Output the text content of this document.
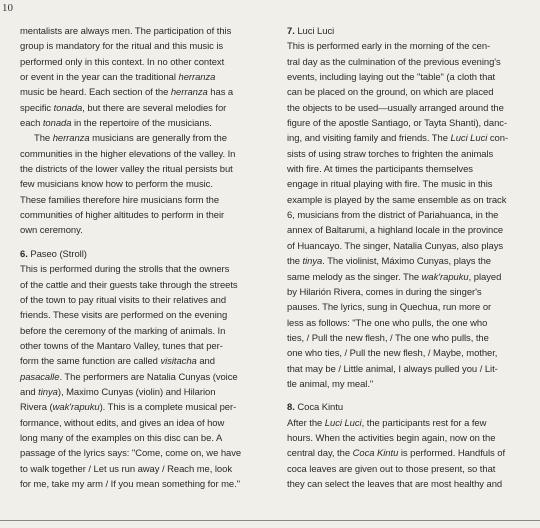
10
mentalists are always men. The participation of this
group is mandatory for the ritual and this music is
performed only in this context. In no other context
or event in the year can the traditional herranza
music be heard. Each section of the herranza has a
specific tonada, but there are several melodies for
each tonada in the repertoire of the musicians.
The herranza musicians are generally from the
communities in the higher elevations of the valley. In
the districts of the lower valley the ritual persists but
few musicians know how to perform the music.
These families therefore hire musicians form the
communities of higher altitudes to perform in their
own ceremony.
6. Paseo (Stroll)
This is performed during the strolls that the owners
of the cattle and their guests take through the streets
of the town to pay ritual visits to their relatives and
friends. These visits are performed on the evening
before the ceremony of the marking of animals. In
other towns of the Mantaro Valley, tunes that per-
form the same function are called visitacha and
pasacalle. The performers are Natalia Cunyas (voice
and tinya), Maximo Cunyas (violin) and Hilarion
Rivera (wak'rapuku). This is a complete musical per-
formance, without edits, and gives an idea of how
long many of the examples on this disc can be. A
passage of the lyrics says: "Come, come on, we have
to walk together / Let us run away / Reach me, look
for me, take my arm / If you mean something for me."
7. Luci Luci
This is performed early in the morning of the cen-
tral day as the culmination of the previous evening's
events, including laying out the "table" (a cloth that
can be placed on the ground, on which are placed
the objects to be used—usually arranged around the
figure of the apostle Santiago, or Tayta Shanti), danc-
ing, and visiting family and friends. The Luci Luci con-
sists of using straw torches to frighten the animals
with fire. At times the participants themselves
engage in ritual playing with fire. The music in this
example is played by the same ensemble as on track
6, musicians from the district of Pariahuanca, in the
annex of Baltarumi, a highland locale in the province
of Huancayo. The singer, Natalia Cunyas, also plays
the tinya. The violinist, Máximo Cunyas, plays the
same melody as the singer. The wak'rapuku, played
by Hilarión Rivera, comes in during the singer's
pauses. The lyrics, sung in Quechua, run more or
less as follows: "The one who pulls, the one who
ties, / Pull the new flesh, / The one who pulls, the
one who ties, / Pull the new flesh, / Maybe, mother,
that may be / Little animal, I always pulled you / Lit-
tle animal, my meal."
8. Coca Kintu
After the Luci Luci, the participants rest for a few
hours. When the activities begin again, now on the
central day, the Coca Kintu is performed. Handfuls of
coca leaves are given out to those present, so that
they can select the leaves that are most healthy and
